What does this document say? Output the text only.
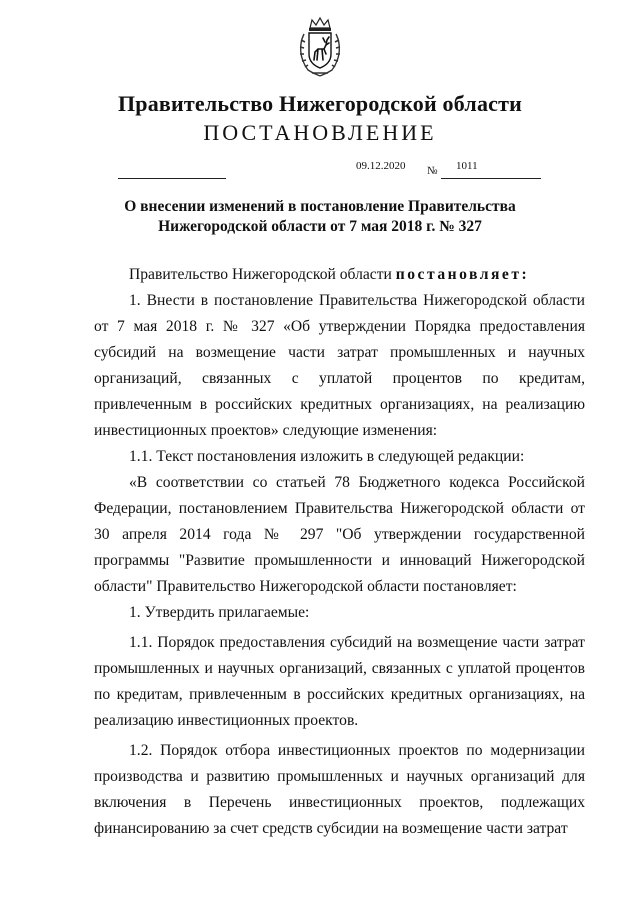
Правительство Нижегородской области
ПОСТАНОВЛЕНИЕ
09.12.2020 № 1011
О внесении изменений в постановление Правительства
Нижегородской области от 7 мая 2018 г. № 327

Правительство Нижегородской области постановляет:

1. Внести в постановление Правительства Нижегородской области от 7 мая 2018 г. № 327 «Об утверждении Порядка предоставления субсидий на возмещение части затрат промышленных и научных организаций, связанных с уплатой процентов по кредитам, привлеченным в российских кредитных организациях, на реализацию инвестиционных проектов» следующие изменения:

1.1. Текст постановления изложить в следующей редакции:

«В соответствии со статьей 78 Бюджетного кодекса Российской Федерации, постановлением Правительства Нижегородской области от 30 апреля 2014 года № 297 "Об утверждении государственной программы "Развитие промышленности и инноваций Нижегородской области" Правительство Нижегородской области постановляет:

1. Утвердить прилагаемые:

1.1. Порядок предоставления субсидий на возмещение части затрат промышленных и научных организаций, связанных с уплатой процентов по кредитам, привлеченным в российских кредитных организациях, на реализацию инвестиционных проектов.

1.2. Порядок отбора инвестиционных проектов по модернизации производства и развитию промышленных и научных организаций для включения в Перечень инвестиционных проектов, подлежащих финансированию за счет средств субсидии на возмещение части затрат
